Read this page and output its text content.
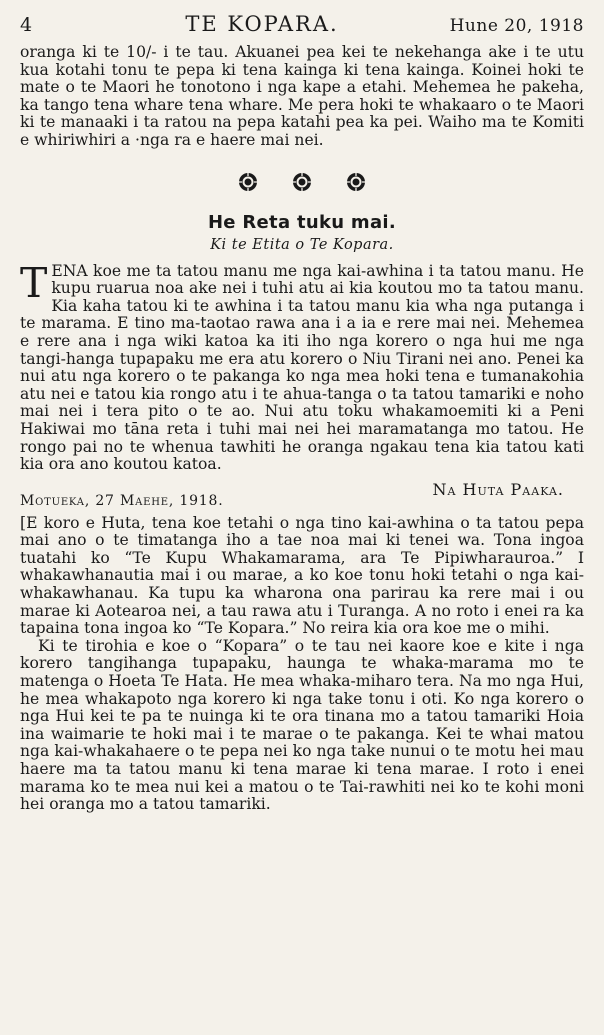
4	TE KOPARA.	Hune 20, 1918

oranga ki te 10/- i te tau. Akuanei pea kei te nekehanga ake i te utu kua kotahi tonu te pepa ki tena kainga ki tena kainga. Koinei hoki te mate o te Maori he tonotono i nga kape a etahi. Mehemea he pakeha, ka tango tena whare tena whare. Me pera hoki te whakaaro o te Maori ki te manaaki i ta ratou na pepa katahi pea ka pei. Waiho ma te Komiti e whiriwhiri a ·nga ra e haere mai nei.

He Reta tuku mai.
Ki te Etita o Te Kopara.
T ENA koe me ta tatou manu me nga kai-awhina i ta tatou manu. He kupu ruarua noa ake nei i tuhi atu ai kia koutou mo ta tatou manu. Kia kaha tatou ki te awhina i ta tatou manu kia wha nga putanga i te marama. E tino ma-taotao rawa ana i a ia e rere mai nei. Mehemea e rere ana i nga wiki katoa ka iti iho nga korero o nga hui me nga tangi-hanga tupapaku me era atu korero o Niu Tirani nei ano. Penei ka nui atu nga korero o te pakanga ko nga mea hoki tena e tumanakohia atu nei e tatou kia rongo atu i te ahua-tanga o ta tatou tamariki e noho mai nei i tera pito o te ao. Nui atu toku whakamoemiti ki a Peni Hakiwai mo tāna reta i tuhi mai nei hei maramatanga mo tatou. He rongo pai no te whenua tawhiti he oranga ngakau tena kia tatou kati kia ora ano koutou katoa.

Na Huta Paaka.
Motueka, 27 Maehe, 1918.

[E koro e Huta, tena koe tetahi o nga tino kai-awhina o ta tatou pepa mai ano o te timatanga iho a tae noa mai ki tenei wa. Tona ingoa tuatahi ko “Te Kupu Whakamarama, ara Te Pipiwharauroa.” I whakawhanautia mai i ou marae, a ko koe tonu hoki tetahi o nga kai-whakawhanau. Ka tupu ka wharona ona parirau ka rere mai i ou marae ki Aotearoa nei, a tau rawa atu i Turanga. A no roto i enei ra ka tapaina tona ingoa ko “Te Kopara.” No reira kia ora koe me o mihi.

Ki te tirohia e koe o “Kopara” o te tau nei kaore koe e kite i nga korero tangihanga tupapaku, haunga te whaka-marama mo te matenga o Hoeta Te Hata. He mea whaka-miharo tera. Na mo nga Hui, he mea whakapoto nga korero ki nga take tonu i oti. Ko nga korero o nga Hui kei te pa te nuinga ki te ora tinana mo a tatou tamariki Hoia ina waimarie te hoki mai i te marae o te pakanga. Kei te whai matou nga kai-whakahaere o te pepa nei ko nga take nunui o te motu hei mau haere ma ta tatou manu ki tena marae ki tena marae. I roto i enei marama ko te mea nui kei a matou o te Tai-rawhiti nei ko te kohi moni hei oranga mo a tatou tamariki.
